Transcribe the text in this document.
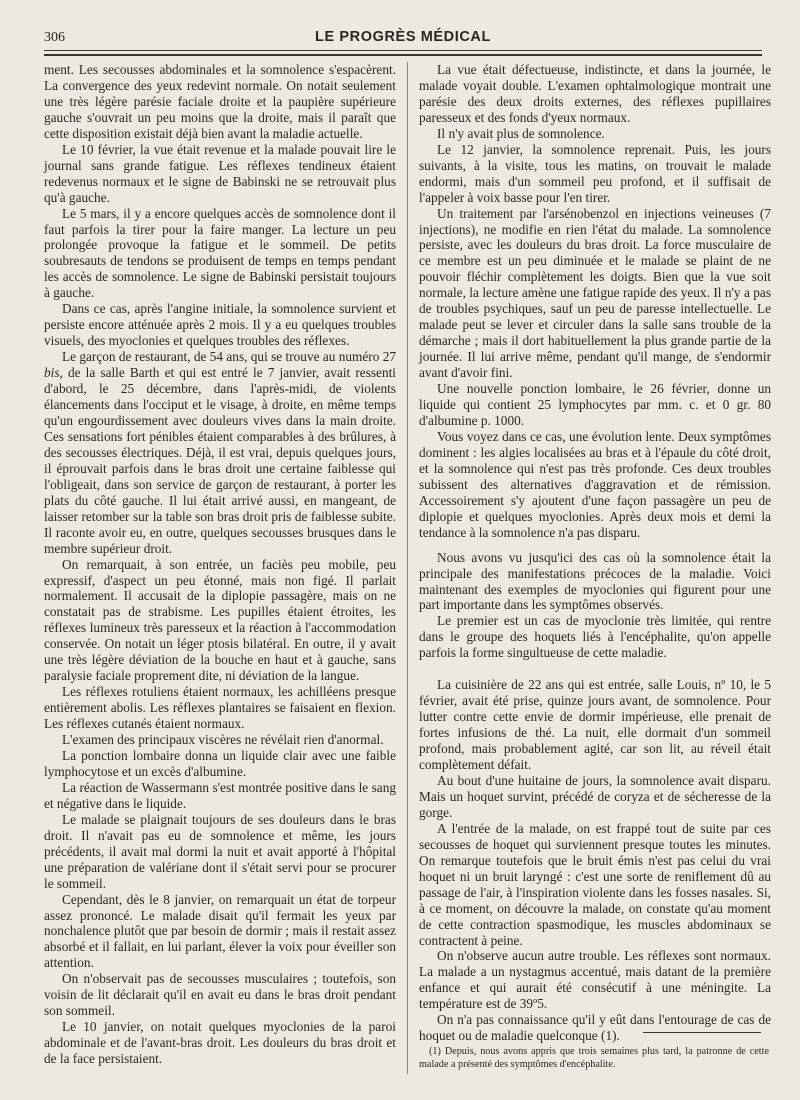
306	LE PROGRÈS MÉDICAL

ment. Les secousses abdominales et la somnolence s'espacèrent. La convergence des yeux redevint normale. On notait seulement une très légère parésie faciale droite et la paupière supérieure gauche s'ouvrait un peu moins que la droite, mais il paraît que cette disposition existait déjà bien avant la maladie actuelle.

Le 10 février, la vue était revenue et la malade pouvait lire le journal sans grande fatigue. Les réflexes tendineux étaient redevenus normaux et le signe de Babinski ne se retrouvait plus qu'à gauche.

Le 5 mars, il y a encore quelques accès de somnolence dont il faut parfois la tirer pour la faire manger. La lecture un peu prolongée provoque la fatigue et le sommeil. De petits soubresauts de tendons se produisent de temps en temps pendant les accès de somnolence. Le signe de Babinski persistait toujours à gauche.

Dans ce cas, après l'angine initiale, la somnolence survient et persiste encore atténuée après 2 mois. Il y a eu quelques troubles visuels, des myoclonies et quelques troubles des réflexes.

Le garçon de restaurant, de 54 ans, qui se trouve au numéro 27 bis, de la salle Barth et qui est entré le 7 janvier, avait ressenti d'abord, le 25 décembre, dans l'après-midi, de violents élancements dans l'occiput et le visage, à droite, en même temps qu'un engourdissement avec douleurs vives dans la main droite. Ces sensations fort pénibles étaient comparables à des brûlures, à des secousses électriques. Déjà, il est vrai, depuis quelques jours, il éprouvait parfois dans le bras droit une certaine faiblesse qui l'obligeait, dans son service de garçon de restaurant, à porter les plats du côté gauche. Il lui était arrivé aussi, en mangeant, de laisser retomber sur la table son bras droit pris de faiblesse subite. Il raconte avoir eu, en outre, quelques secousses brusques dans le membre supérieur droit.

On remarquait, à son entrée, un faciès peu mobile, peu expressif, d'aspect un peu étonné, mais non figé. Il parlait normalement. Il accusait de la diplopie passagère, mais on ne constatait pas de strabisme. Les pupilles étaient étroites, les réflexes lumineux très paresseux et la réaction à l'accommodation conservée. On notait un léger ptosis bilatéral. En outre, il y avait une très légère déviation de la bouche en haut et à gauche, sans paralysie faciale proprement dite, ni déviation de la langue.

Les réflexes rotuliens étaient normaux, les achilléens presque entièrement abolis. Les réflexes plantaires se faisaient en flexion. Les réflexes cutanés étaient normaux.

L'examen des principaux viscères ne révélait rien d'anormal.

La ponction lombaire donna un liquide clair avec une faible lymphocytose et un excès d'albumine.

La réaction de Wassermann s'est montrée positive dans le sang et négative dans le liquide.

Le malade se plaignait toujours de ses douleurs dans le bras droit. Il n'avait pas eu de somnolence et même, les jours précédents, il avait mal dormi la nuit et avait apporté à l'hôpital une préparation de valériane dont il s'était servi pour se procurer le sommeil.

Cependant, dès le 8 janvier, on remarquait un état de torpeur assez prononcé. Le malade disait qu'il fermait les yeux par nonchalence plutôt que par besoin de dormir ; mais il restait assez absorbé et il fallait, en lui parlant, élever la voix pour éveiller son attention.

On n'observait pas de secousses musculaires ; toutefois, son voisin de lit déclarait qu'il en avait eu dans le bras droit pendant son sommeil.

Le 10 janvier, on notait quelques myoclonies de la paroi abdominale et de l'avant-bras droit. Les douleurs du bras droit et de la face persistaient.

La vue était défectueuse, indistincte, et dans la journée, le malade voyait double. L'examen ophtalmologique montrait une parésie des deux droits externes, des réflexes pupillaires paresseux et des fonds d'yeux normaux.

Il n'y avait plus de somnolence.

Le 12 janvier, la somnolence reprenait. Puis, les jours suivants, à la visite, tous les matins, on trouvait le malade endormi, mais d'un sommeil peu profond, et il suffisait de l'appeler à voix basse pour l'en tirer.

Un traitement par l'arsénobenzol en injections veineuses (7 injections), ne modifie en rien l'état du malade. La somnolence persiste, avec les douleurs du bras droit. La force musculaire de ce membre est un peu diminuée et le malade se plaint de ne pouvoir fléchir complètement les doigts. Bien que la vue soit normale, la lecture amène une fatigue rapide des yeux. Il n'y a pas de troubles psychiques, sauf un peu de paresse intellectuelle. Le malade peut se lever et circuler dans la salle sans trouble de la démarche ; mais il dort habituellement la plus grande partie de la journée. Il lui arrive même, pendant qu'il mange, de s'endormir avant d'avoir fini.

Une nouvelle ponction lombaire, le 26 février, donne un liquide qui contient 25 lymphocytes par mm. c. et 0 gr. 80 d'albumine p. 1000.

Vous voyez dans ce cas, une évolution lente. Deux symptômes dominent : les algies localisées au bras et à l'épaule du côté droit, et la somnolence qui n'est pas très profonde. Ces deux troubles subissent des alternatives d'aggravation et de rémission. Accessoirement s'y ajoutent d'une façon passagère un peu de diplopie et quelques myoclonies. Après deux mois et demi la tendance à la somnolence n'a pas disparu.

Nous avons vu jusqu'ici des cas où la somnolence était la principale des manifestations précoces de la maladie. Voici maintenant des exemples de myoclonies qui figurent pour une part importante dans les symptômes observés.

Le premier est un cas de myoclonie très limitée, qui rentre dans le groupe des hoquets liés à l'encéphalite, qu'on appelle parfois la forme singultueuse de cette maladie.

La cuisinière de 22 ans qui est entrée, salle Louis, nº 10, le 5 février, avait été prise, quinze jours avant, de somnolence. Pour lutter contre cette envie de dormir impérieuse, elle prenait de fortes infusions de thé. La nuit, elle dormait d'un sommeil profond, mais probablement agité, car son lit, au réveil était complètement défait.

Au bout d'une huitaine de jours, la somnolence avait disparu. Mais un hoquet survint, précédé de coryza et de sécheresse de la gorge.

A l'entrée de la malade, on est frappé tout de suite par ces secousses de hoquet qui surviennent presque toutes les minutes. On remarque toutefois que le bruit émis n'est pas celui du vrai hoquet ni un bruit laryngé : c'est une sorte de reniflement dû au passage de l'air, à l'inspiration violente dans les fosses nasales. Si, à ce moment, on découvre la malade, on constate qu'au moment de cette contraction spasmodique, les muscles abdominaux se contractent à peine.

On n'observe aucun autre trouble. Les réflexes sont normaux. La malade a un nystagmus accentué, mais datant de la première enfance et qui aurait été consécutif à une méningite. La température est de 39º5.

On n'a pas connaissance qu'il y eût dans l'entourage de cas de hoquet ou de maladie quelconque (1).

(1) Depuis, nous avons appris que trois semaines plus tard, la patronne de cette malade a présenté des symptômes d'encéphalite.
